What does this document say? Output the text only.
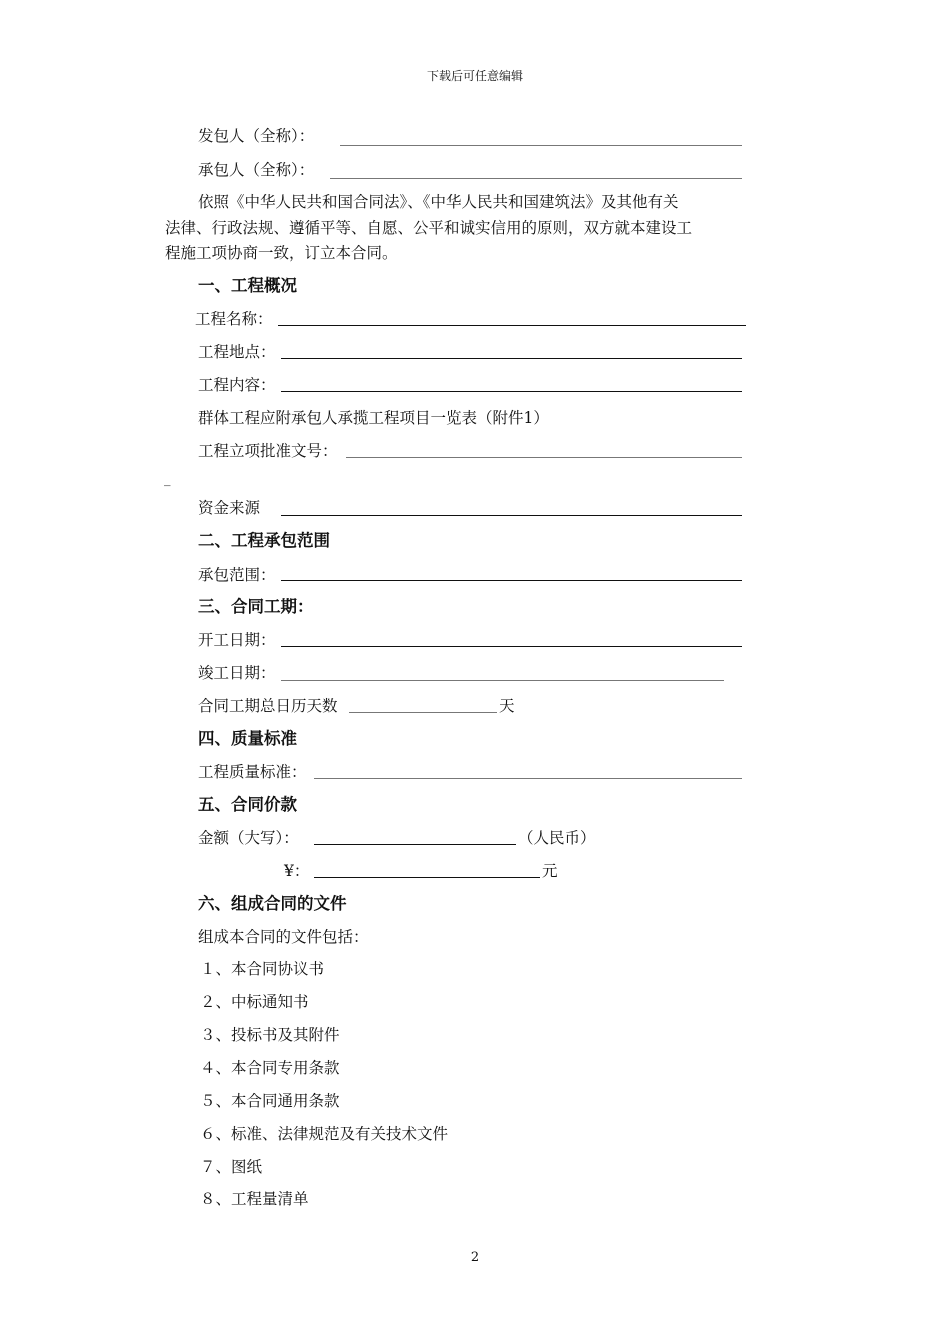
下载后可任意编辑
发包人（全称）：
承包人（全称）：
依照《中华人民共和国合同法》、《中华人民共和国建筑法》及其他有关
法律、行政法规、遵循平等、自愿、公平和诚实信用的原则，双方就本建设工
程施工项协商一致，订立本合同。
一、工程概况
工程名称：
工程地点：
工程内容：
群体工程应附承包人承揽工程项目一览表（附件1）
工程立项批准文号：
_
资金来源
二、工程承包范围
承包范围：
三、合同工期：
开工日期：
竣工日期：
合同工期总日历天数	天
四、质量标准
工程质量标准：
五、合同价款
金额（大写）：	（人民币）
¥：	元
六、组成合同的文件
组成本合同的文件包括：
１、本合同协议书
２、中标通知书
３、投标书及其附件
４、本合同专用条款
５、本合同通用条款
６、标准、法律规范及有关技术文件
７、图纸
８、工程量清单
2
